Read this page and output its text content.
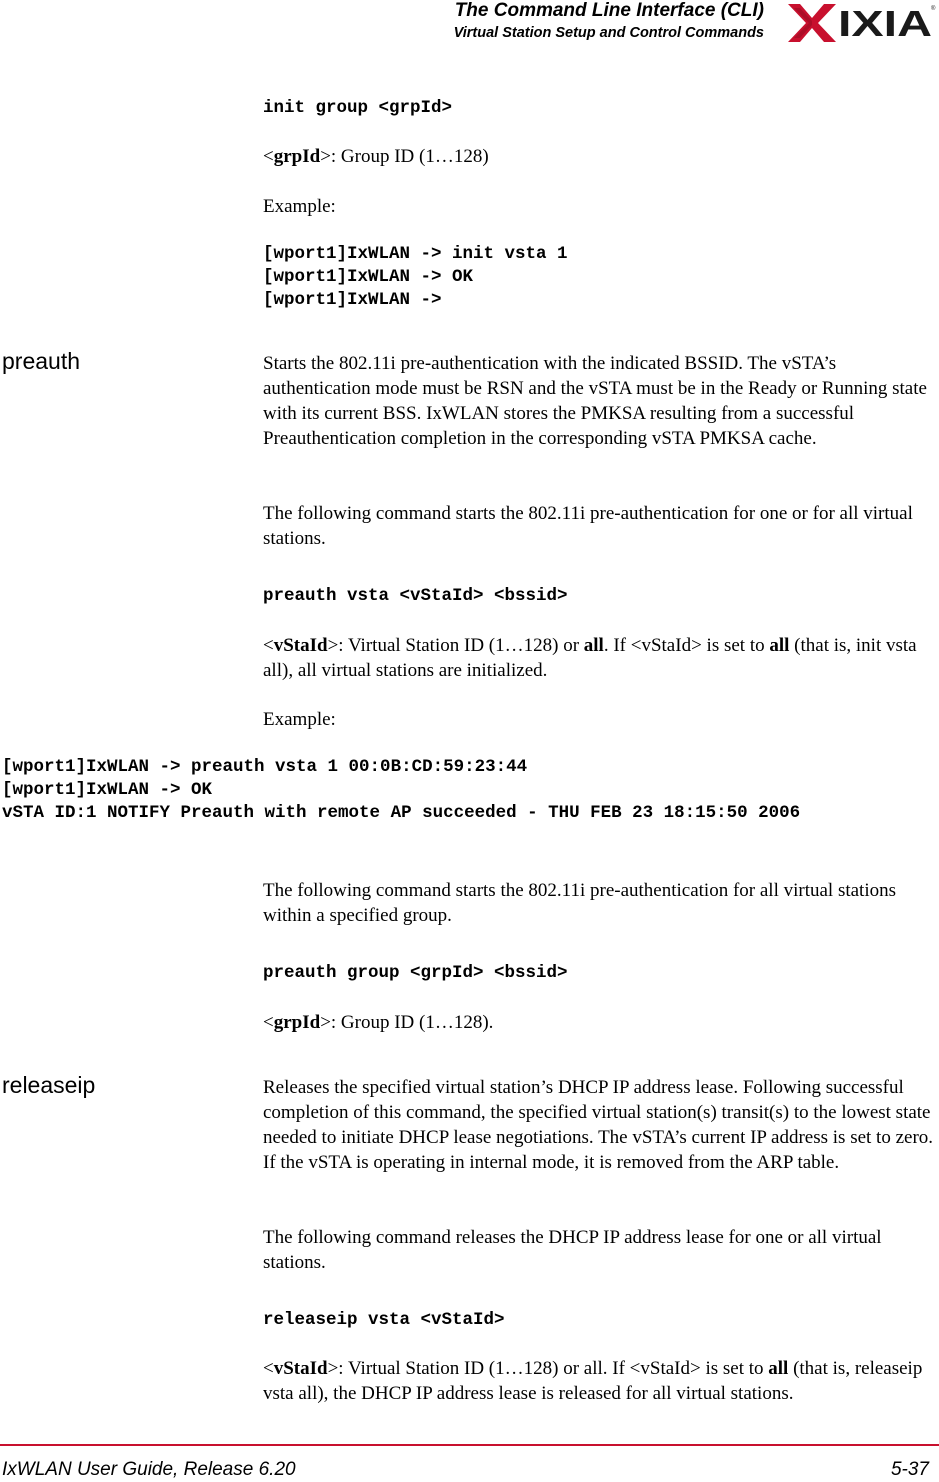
The Command Line Interface (CLI)
Virtual Station Setup and Control Commands IXIA ®
init group <grpId>
<grpId>: Group ID (1…128)
Example:
[wport1]IxWLAN -> init vsta 1
[wport1]IxWLAN -> OK
[wport1]IxWLAN ->
preauth	Starts the 802.11i pre-authentication with the indicated BSSID. The vSTA’s authentication mode must be RSN and the vSTA must be in the Ready or Running state with its current BSS. IxWLAN stores the PMKSA resulting from a successful Preauthentication completion in the corresponding vSTA PMKSA cache.
The following command starts the 802.11i pre-authentication for one or for all virtual stations.
preauth vsta <vStaId> <bssid>
<vStaId>: Virtual Station ID (1…128) or all. If <vStaId> is set to all (that is, init vsta all), all virtual stations are initialized.
Example:
[wport1]IxWLAN -> preauth vsta 1 00:0B:CD:59:23:44
[wport1]IxWLAN -> OK
vSTA ID:1 NOTIFY Preauth with remote AP succeeded - THU FEB 23 18:15:50 2006
The following command starts the 802.11i pre-authentication for all virtual stations within a specified group.
preauth group <grpId> <bssid>
<grpId>: Group ID (1…128).
releaseip	Releases the specified virtual station’s DHCP IP address lease. Following successful completion of this command, the specified virtual station(s) transit(s) to the lowest state needed to initiate DHCP lease negotiations. The vSTA’s current IP address is set to zero. If the vSTA is operating in internal mode, it is removed from the ARP table.
The following command releases the DHCP IP address lease for one or all virtual stations.
releaseip vsta <vStaId>
<vStaId>: Virtual Station ID (1…128) or all. If <vStaId> is set to all (that is, releaseip vsta all), the DHCP IP address lease is released for all virtual stations.
IxWLAN User Guide, Release 6.20	5-37
